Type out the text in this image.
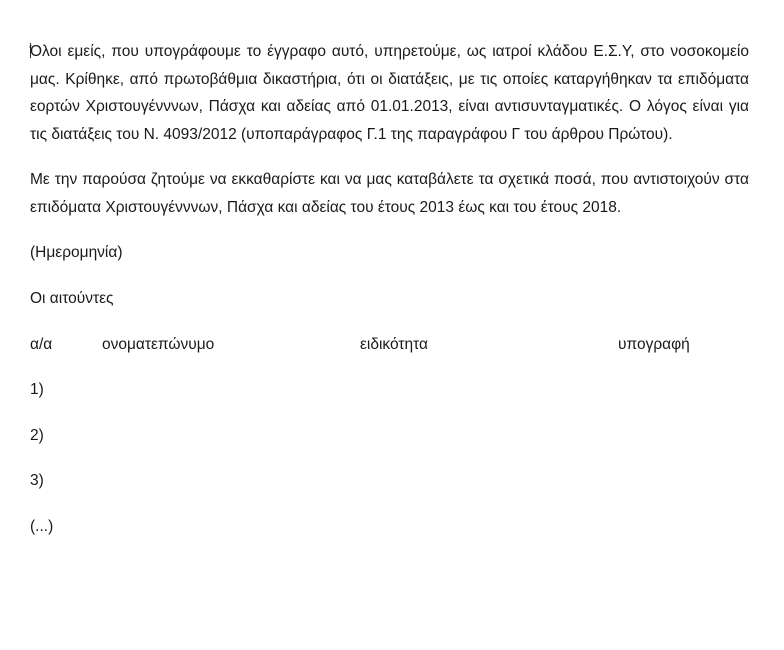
Όλοι εμείς, που υπογράφουμε το έγγραφο αυτό, υπηρετούμε, ως ιατροί κλάδου Ε.Σ.Υ, στο νοσοκομείο μας. Κρίθηκε, από πρωτοβάθμια δικαστήρια, ότι οι διατάξεις, με τις οποίες καταργήθηκαν τα επιδόματα εορτών Χριστουγένννων, Πάσχα και αδείας από 01.01.2013, είναι αντισυνταγματικές. Ο λόγος είναι για τις διατάξεις του Ν. 4093/2012 (υποπαράγραφος Γ.1 της παραγράφου Γ του άρθρου Πρώτου).

Με την παρούσα ζητούμε να εκκαθαρίστε και να μας καταβάλετε τα σχετικά ποσά, που αντιστοιχούν στα επιδόματα Χριστουγένννων, Πάσχα και αδείας του έτους 2013 έως και του έτους 2018.

(Ημερομηνία)

Οι αιτούντες

α/α	ονοματεπώνυμο	ειδικότητα	υπογραφή

1)

2)

3)

(...)
